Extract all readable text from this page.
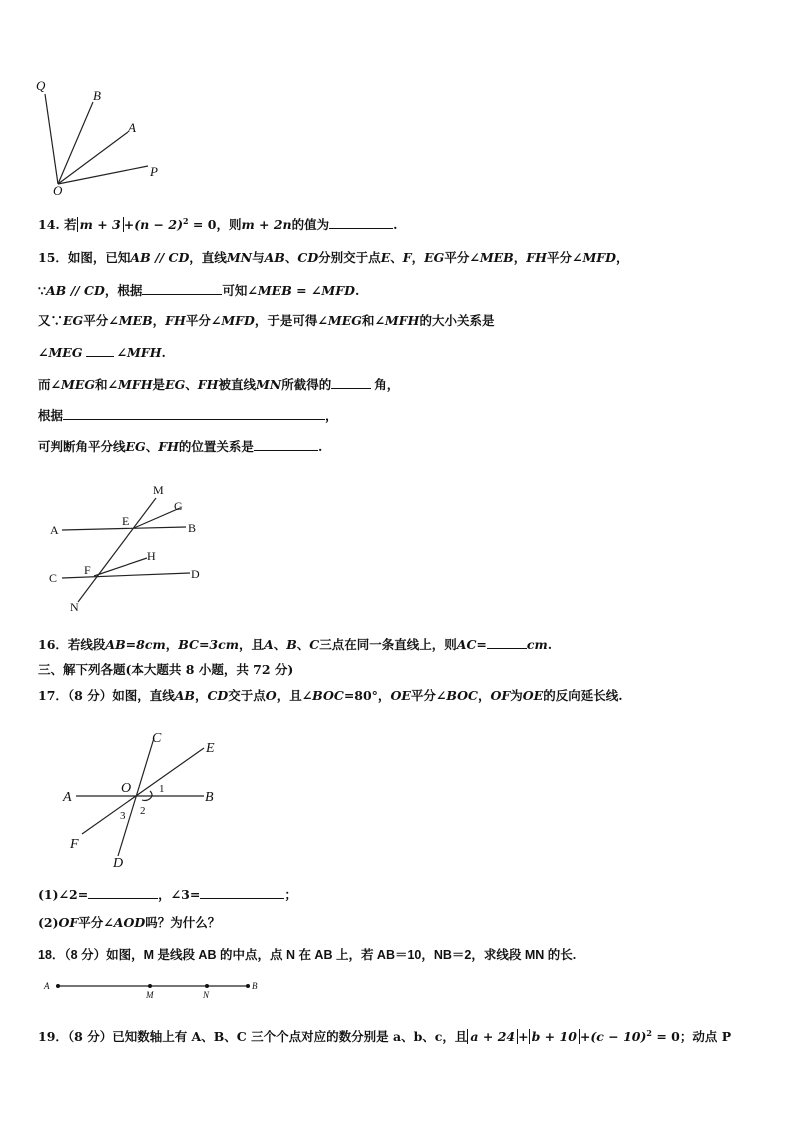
Q
B
A
P
O
14. 若 $m + 3 +(n - 2)^2 = 0$，则m + 2n的值为	.
15．如图，已知AB // CD，直线MN与AB、CD分别交于点E、F，EG平分∠MEB，FH平分∠MFD，
∵AB // CD，根据	可知∠MEB = ∠MFD.
又∵EG平分∠MEB，FH平分∠MFD，于是可得∠MEG和∠MFH的大小关系是
∠MEG	∠MFH.
而∠MEG和∠MFH是EG、FH被直线MN所截得的	角，
根据	，
可判断角平分线EG、FH的位置关系是	.
M
G
A
E	B
H
C
F	D
N
16．若线段AB=8cm，BC=3cm，且A、B、C三点在同一条直线上，则AC=	cm.
三、解下列各题(本大题共 8 小题，共 72 分)
17．（8 分）如图，直线AB，CD交于点O，且∠BOC=80°，OE平分∠BOC，OF为OE的反向延长线.
C
E
A
O
B
F
D
1
3 2
(1)∠2=	，∠3=	；
(2)OF平分∠AOD吗？为什么？
18．（8 分）如图，M 是线段 AB 的中点，点 N 在 AB 上，若 AB＝10，NB＝2，求线段 MN 的长.
A
M	N
B
19．（8 分）已知数轴上有 A、B、C 三个个点对应的数分别是 a、b、c，且 $a + 24 + b + 10 +(c - 10)^2 = 0$；动点 P
